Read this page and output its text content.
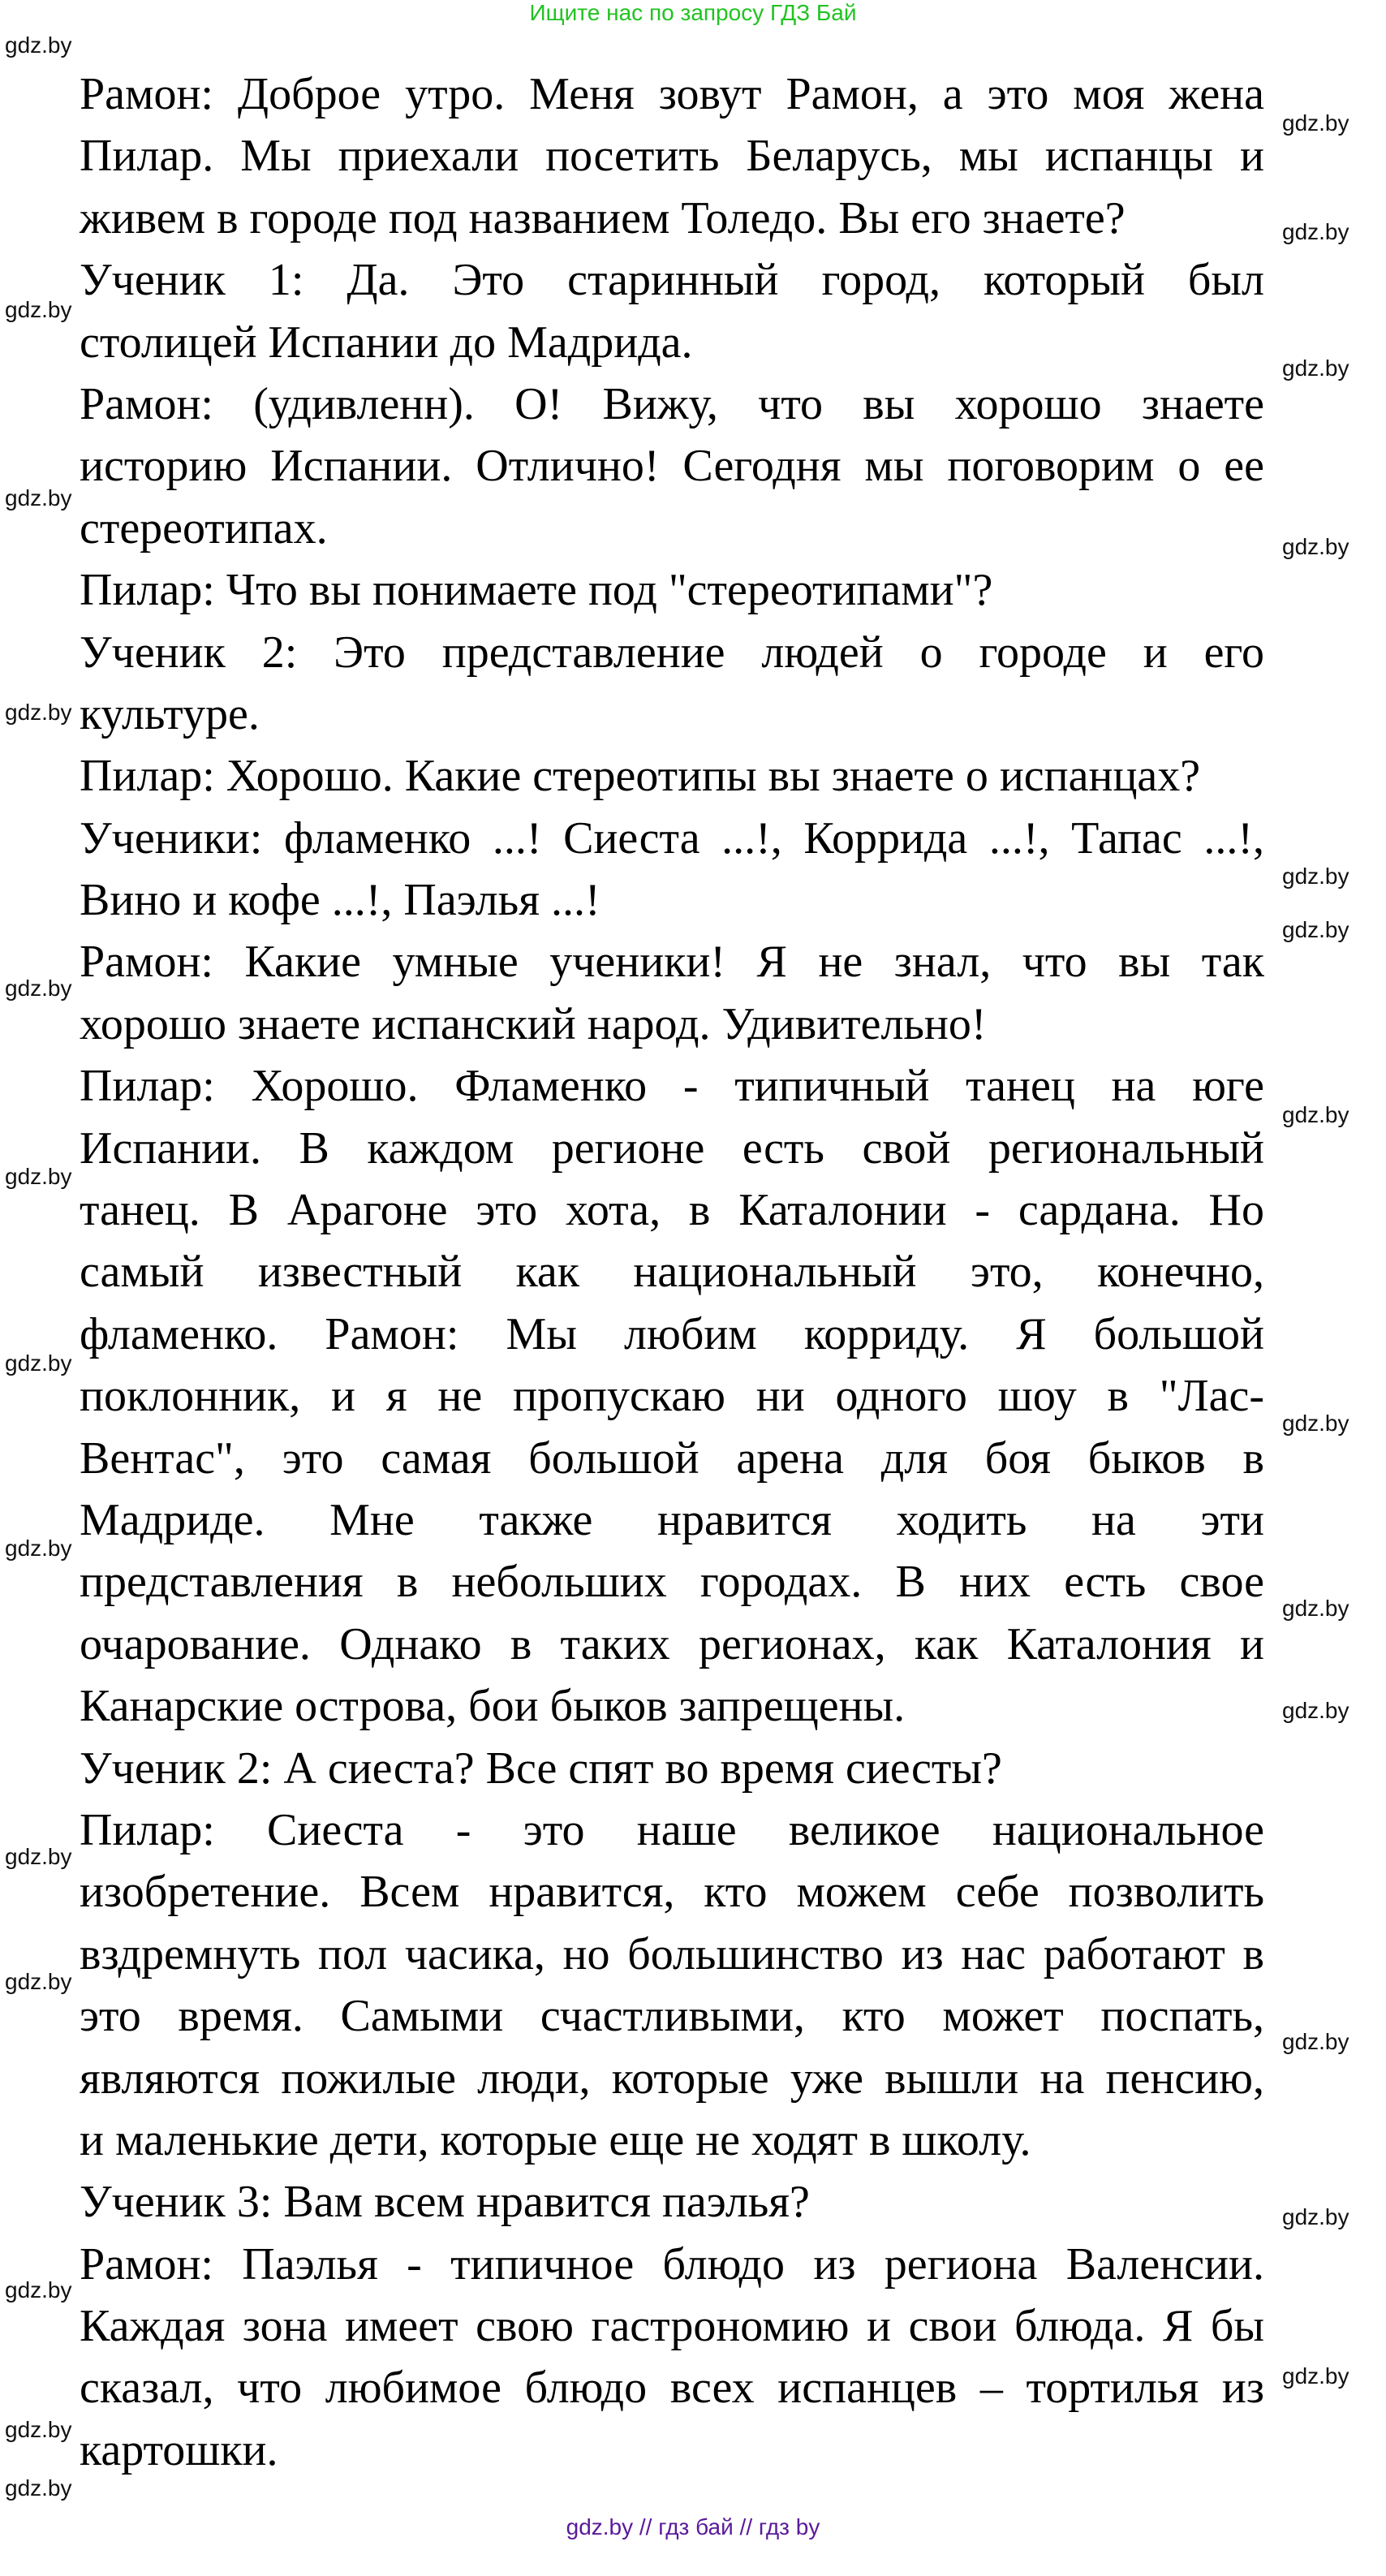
Ищите нас по запросу ГДЗ Бай
Рамон: Доброе утро. Меня зовут Рамон, а это моя жена
Пилар. Мы приехали посетить Беларусь, мы испанцы и
живем в городе под названием Толедо. Вы его знаете?
Ученик 1: Да. Это старинный город, который был
столицей Испании до Мадрида.
Рамон: (удивленн). О! Вижу, что вы хорошо знаете
историю Испании. Отлично! Сегодня мы поговорим о ее
стереотипах.
Пилар: Что вы понимаете под "стереотипами"?
Ученик 2: Это представление людей о городе и его
культуре.
Пилар: Хорошо. Какие стереотипы вы знаете о испанцах?
Ученики: фламенко ...! Сиеста ...!, Коррида ...!, Тапас ...!,
Вино и кофе ...!, Паэлья ...!
Рамон: Какие умные ученики! Я не знал, что вы так
хорошо знаете испанский народ. Удивительно!
Пилар: Хорошо. Фламенко - типичный танец на юге
Испании. В каждом регионе есть свой региональный
танец. В Арагоне это хота, в Каталонии - сардана. Но
самый известный как национальный это, конечно,
фламенко. Рамон: Мы любим корриду. Я большой
поклонник, и я не пропускаю ни одного шоу в "Лас-
Вентас", это самая большой арена для боя быков в
Мадриде. Мне также нравится ходить на эти
представления в небольших городах. В них есть свое
очарование. Однако в таких регионах, как Каталония и
Канарские острова, бои быков запрещены.
Ученик 2: А сиеста? Все спят во время сиесты?
Пилар: Сиеста - это наше великое национальное
изобретение. Всем нравится, кто можем себе позволить
вздремнуть пол часика, но большинство из нас работают в
это время. Самыми счастливыми, кто может поспать,
являются пожилые люди, которые уже вышли на пенсию,
и маленькие дети, которые еще не ходят в школу.
Ученик 3: Вам всем нравится паэлья?
Рамон: Паэлья - типичное блюдо из региона Валенсии.
Каждая зона имеет свою гастрономию и свои блюда. Я бы
сказал, что любимое блюдо всех испанцев – тортилья из
картошки.
gdz.by
gdz.by
gdz.by
gdz.by
gdz.by
gdz.by
gdz.by
gdz.by
gdz.by
gdz.by
gdz.by
gdz.by
gdz.by
gdz.by
gdz.by
gdz.by
gdz.by
gdz.by
gdz.by
gdz.by
gdz.by
gdz.by
gdz.by
gdz.by
gdz.by
gdz.by
gdz.by // гдз бай // гдз by
